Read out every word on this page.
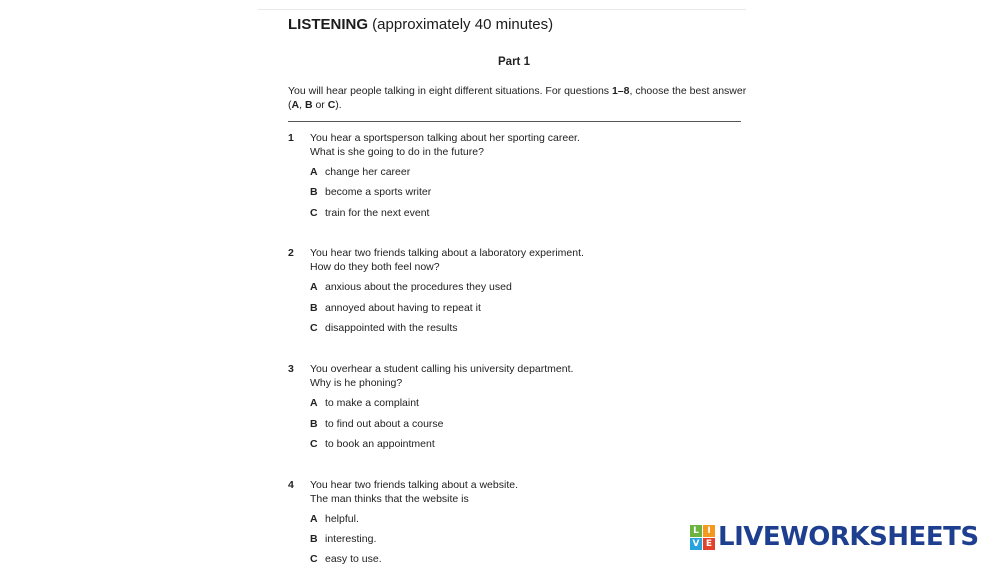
LISTENING (approximately 40 minutes)
Part 1
You will hear people talking in eight different situations. For questions 1–8, choose the best answer
(A, B or C).
1 You hear a sportsperson talking about her sporting career.
What is she going to do in the future?
A change her career
B become a sports writer
C train for the next event
2 You hear two friends talking about a laboratory experiment.
How do they both feel now?
A anxious about the procedures they used
B annoyed about having to repeat it
C disappointed with the results
3 You overhear a student calling his university department.
Why is he phoning?
A to make a complaint
B to find out about a course
C to book an appointment
4 You hear two friends talking about a website.
The man thinks that the website is
A helpful.
B interesting.
C easy to use.
L I
V E LIVEWORKSHEETS
